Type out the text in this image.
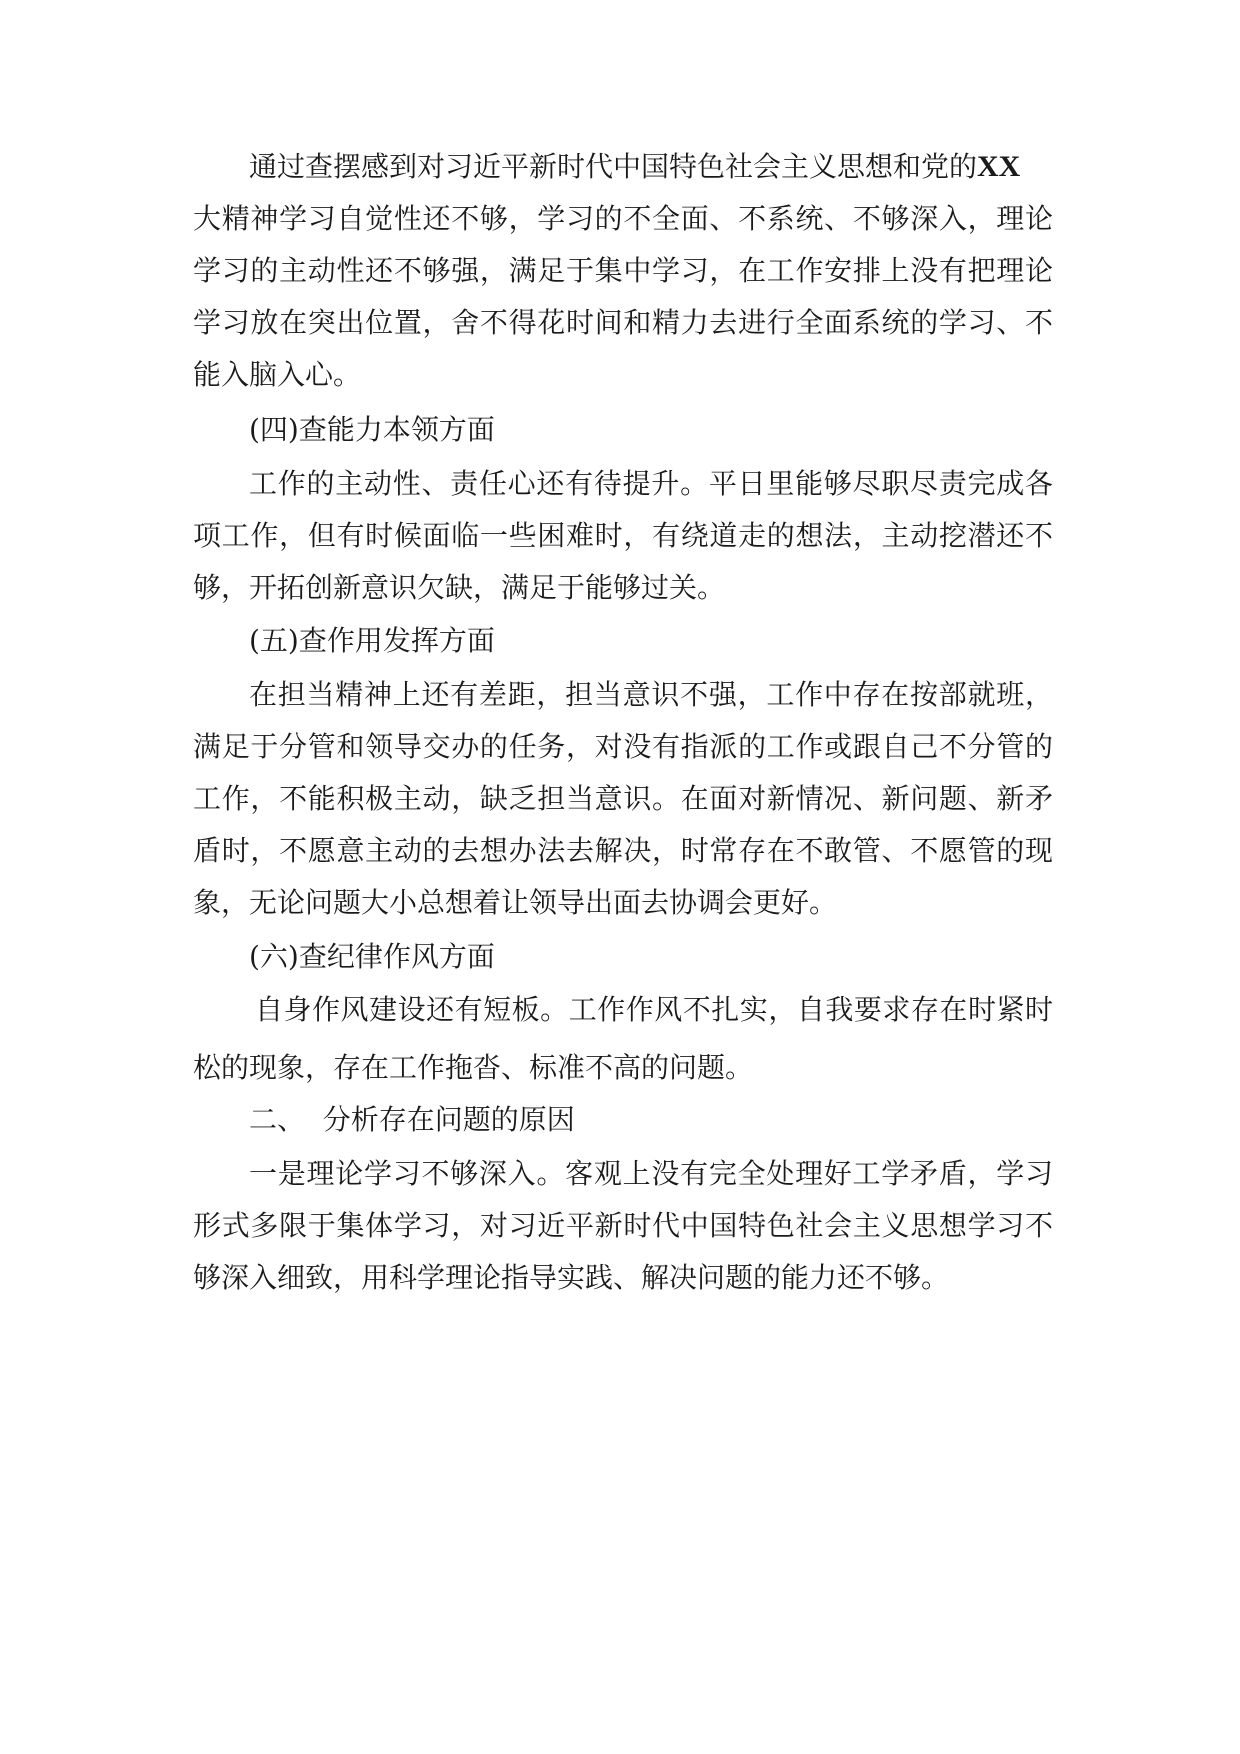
通过查摆感到对习近平新时代中国特色社会主义思想和党的XX
大精神学习自觉性还不够，学习的不全面、不系统、不够深入，理论
学习的主动性还不够强，满足于集中学习，在工作安排上没有把理论
学习放在突出位置，舍不得花时间和精力去进行全面系统的学习、不
能入脑入心。
(四)查能力本领方面
工作的主动性、责任心还有待提升。平日里能够尽职尽责完成各
项工作，但有时候面临一些困难时，有绕道走的想法，主动挖潜还不
够，开拓创新意识欠缺，满足于能够过关。
(五)查作用发挥方面
在担当精神上还有差距，担当意识不强，工作中存在按部就班，
满足于分管和领导交办的任务，对没有指派的工作或跟自己不分管的
工作，不能积极主动，缺乏担当意识。在面对新情况、新问题、新矛
盾时，不愿意主动的去想办法去解决，时常存在不敢管、不愿管的现
象，无论问题大小总想着让领导出面去协调会更好。
(六)查纪律作风方面
自身作风建设还有短板。工作作风不扎实，自我要求存在时紧时
松的现象，存在工作拖沓、标准不高的问题。
二、  分析存在问题的原因
一是理论学习不够深入。客观上没有完全处理好工学矛盾，学习
形式多限于集体学习，对习近平新时代中国特色社会主义思想学习不
够深入细致，用科学理论指导实践、解决问题的能力还不够。
